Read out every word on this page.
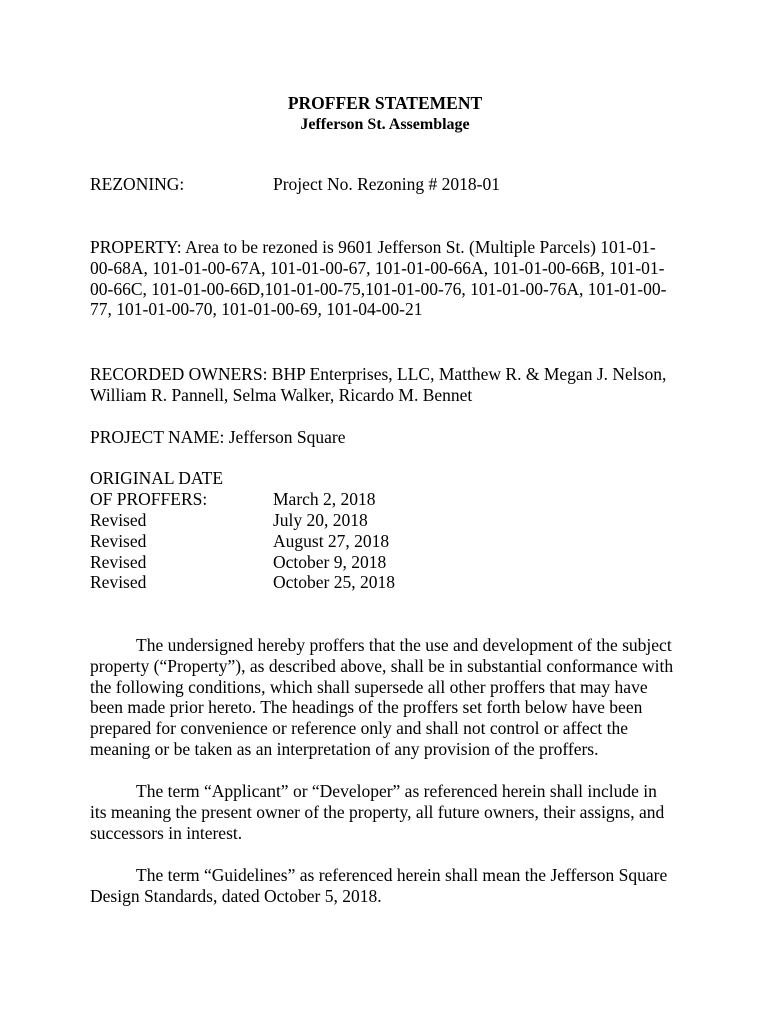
PROFFER STATEMENT
Jefferson St. Assemblage
REZONING:	Project No. Rezoning # 2018-01
PROPERTY: Area to be rezoned is 9601 Jefferson St. (Multiple Parcels) 101-01-
00-68A, 101-01-00-67A, 101-01-00-67, 101-01-00-66A, 101-01-00-66B, 101-01-
00-66C, 101-01-00-66D,101-01-00-75,101-01-00-76, 101-01-00-76A, 101-01-00-
77, 101-01-00-70, 101-01-00-69, 101-04-00-21
RECORDED OWNERS: BHP Enterprises, LLC, Matthew R. & Megan J. Nelson,
William R. Pannell, Selma Walker, Ricardo M. Bennet
PROJECT NAME: Jefferson Square
ORIGINAL DATE
OF PROFFERS:	March 2, 2018
Revised	July 20, 2018
Revised	August 27, 2018
Revised	October 9, 2018
Revised	October 25, 2018
The undersigned hereby proffers that the use and development of the subject
property (“Property”), as described above, shall be in substantial conformance with
the following conditions, which shall supersede all other proffers that may have
been made prior hereto. The headings of the proffers set forth below have been
prepared for convenience or reference only and shall not control or affect the
meaning or be taken as an interpretation of any provision of the proffers.
The term “Applicant” or “Developer” as referenced herein shall include in
its meaning the present owner of the property, all future owners, their assigns, and
successors in interest.
The term “Guidelines” as referenced herein shall mean the Jefferson Square
Design Standards, dated October 5, 2018.
